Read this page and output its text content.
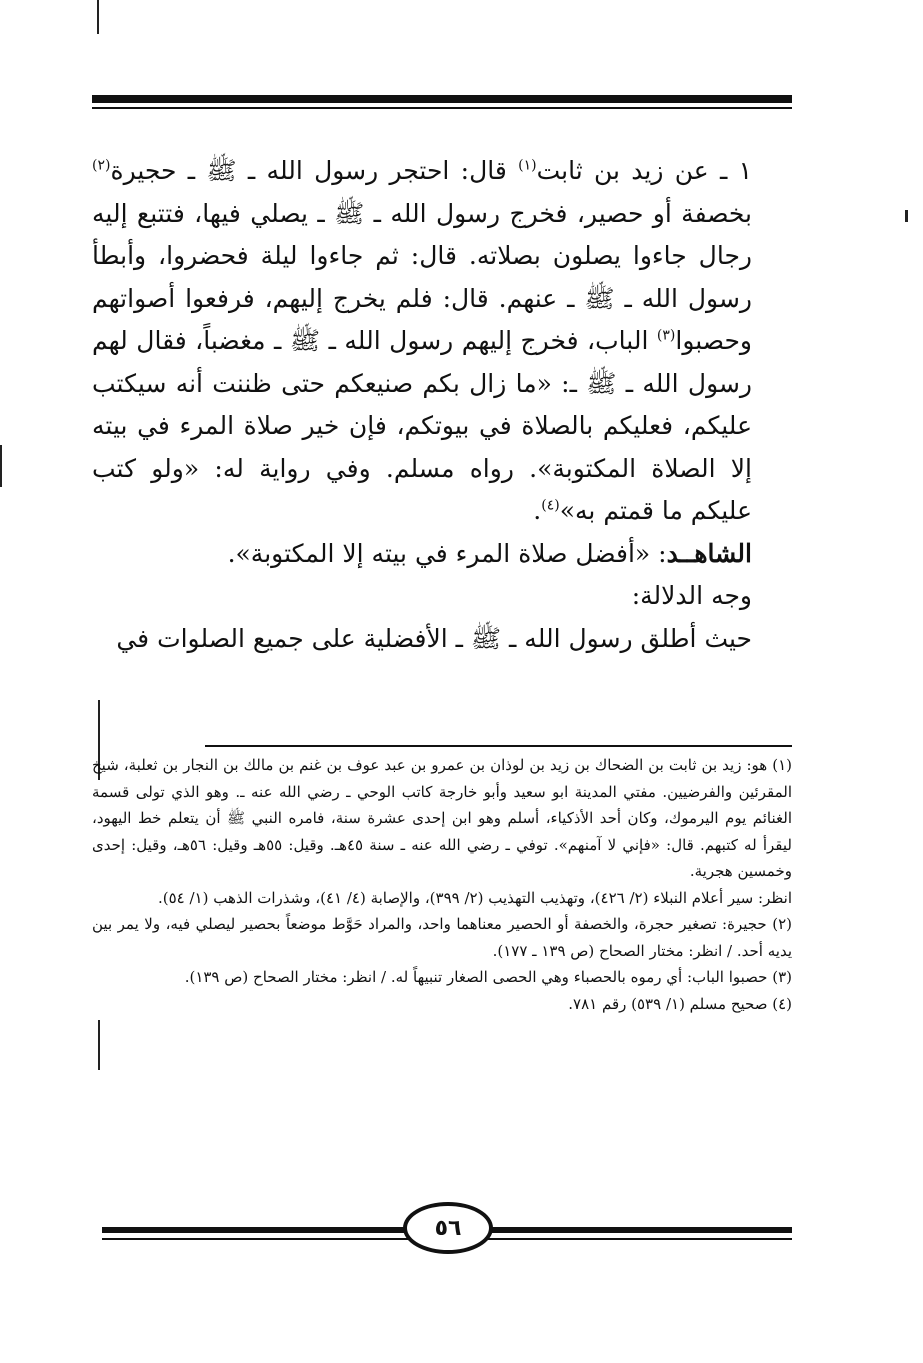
١ ـ عن زيد بن ثابت$^{(١)}$ قال: احتجر رسول الله ـ ﷺ ـ حجيرة$^{(٢)}$ بخصفة أو حصير، فخرج رسول الله ـ ﷺ ـ يصلي فيها، فتتبع إليه رجال جاءوا يصلون بصلاته. قال: ثم جاءوا ليلة فحضروا، وأبطأ رسول الله ـ ﷺ ـ عنهم. قال: فلم يخرج إليهم، فرفعوا أصواتهم وحصبوا$^{(٣)}$ الباب، فخرج إليهم رسول الله ـ ﷺ ـ مغضباً، فقال لهم رسول الله ـ ﷺ ـ: «ما زال بكم صنيعكم حتى ظننت أنه سيكتب عليكم، فعليكم بالصلاة في بيوتكم، فإن خير صلاة المرء في بيته إلا الصلاة المكتوبة». رواه مسلم. وفي رواية له: «ولو كتب عليكم ما قمتم به»$^{(٤)}$.

الشاهــد: «أفضل صلاة المرء في بيته إلا المكتوبة».

وجه الدلالة:

حيث أطلق رسول الله ـ ﷺ ـ الأفضلية على جميع الصلوات في

(١) هو: زيد بن ثابت بن الضحاك بن زيد بن لوذان بن عمرو بن عبد عوف بن غنم بن مالك بن النجار بن ثعلبة، شيخ المقرئين والفرضيين. مفتي المدينة ابو سعيد وأبو خارجة كاتب الوحي ـ رضي الله عنه ـ. وهو الذي تولى قسمة الغنائم يوم اليرموك، وكان أحد الأذكياء، أسلم وهو ابن إحدى عشرة سنة، فامره النبي ﷺ أن يتعلم خط اليهود، ليقرأ له كتبهم. قال: «فإني لا آمنهم». توفي ـ رضي الله عنه ـ سنة ٤٥هـ. وقيل: ٥٥هـ وقيل: ٥٦هـ، وقيل: إحدى وخمسين هجرية.

انظر: سير أعلام النبلاء (٢/ ٤٢٦)، وتهذيب التهذيب (٢/ ٣٩٩)، والإصابة (٤/ ٤١)، وشذرات الذهب (١/ ٥٤).

(٢) حجيرة: تصغير حجرة، والخصفة أو الحصير معناهما واحد، والمراد حَوَّط موضعاً بحصير ليصلي فيه، ولا يمر بين يديه أحد. / انظر: مختار الصحاح (ص ١٣٩ ـ ١٧٧).

(٣) حصبوا الباب: أي رموه بالحصباء وهي الحصى الصغار تنبيهاً له. / انظر: مختار الصحاح (ص ١٣٩).

(٤) صحيح مسلم (١/ ٥٣٩) رقم ٧٨١.

٥٦
